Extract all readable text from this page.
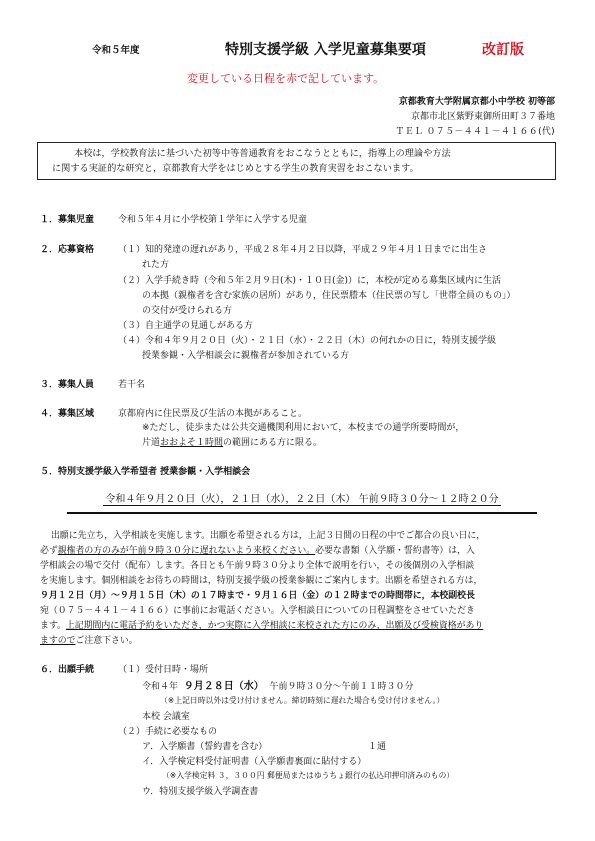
令和５年度	特別支援学級 入学児童募集要項	改訂版
変更している日程を赤で記しています。
京都教育大学附属京都小中学校 初等部
京都市北区紫野東御所田町３７番地
ＴＥＬ ０７５－４４１－４１６６(代)
本校は，学校教育法に基づいた初等中等普通教育をおこなうとともに，指導上の理論や方法
に関する実証的な研究と，京都教育大学をはじめとする学生の教育実習をおこないます。
１．募集児童	令和５年４月に小学校第１学年に入学する児童
２．応募資格	（１）知的発達の遅れがあり，平成２８年４月２日以降，平成２９年４月１日までに出生さ
れた方
（２）入学手続き時（令和５年２月９日(木)・１０日(金)）に，本校が定める募集区域内に生活
の本拠（親権者を含む家族の居所）があり，住民票謄本（住民票の写し「世帯全員のもの」）
の交付が受けられる方
（３）自主通学の見通しがある方
（４）令和４年９月２０日（火）・２１日（水）・２２日（木）の何れかの日に，特別支援学級
授業参観・入学相談会に親権者が参加されている方
３．募集人員	若干名
４．募集区域	京都府内に住民票及び生活の本拠があること。
※ただし，徒歩または公共交通機関利用において，本校までの通学所要時間が，
片道おおよそ１時間の範囲にある方に限る。
５．特別支援学級入学希望者 授業参観・入学相談会
令和４年９月２０日（火），２１日（水），２２日（木） 午前９時３０分～１２時２０分
出願に先立ち，入学相談を実施します。出願を希望される方は，上記３日間の日程の中でご都合の良い日に，
必ず親権者の方のみが午前９時３０分に遅れないよう来校ください。必要な書類（入学願・誓約書等）は，入
学相談会の場で交付（配布）します。各日とも午前９時３０分より全体で説明を行い，その後個別の入学相談
を実施します。個別相談をお待ちの時間は，特別支援学級の授業参観にご案内します。出願を希望される方は，
９月１２日（月）～９月１５日（木）の１７時まで・９月１６日（金）の１２時までの時間帯に，本校副校長
宛（０７５－４４１－４１６６）に事前にお電話ください。入学相談日についての日程調整をさせていただき
ます。上記期間内に電話予約をいただき，かつ実際に入学相談に来校された方にのみ，出願及び受検資格があり
ますのでご注意下さい。
６．出願手続	（１）受付日時・場所
令和４年 ９月２８日（水） 午前９時３０分～午前１１時３０分
（※上記日時以外は受け付けません。締切時刻に遅れた場合も受け付けません。）
本校 会議室
（２）手続に必要なもの
ア．入学願書（誓約書を含む）	１通
イ．入学検定料受付証明書（入学願書裏面に貼付する）
（※入学検定料 ３，３００円 郵便局またはゆうちょ銀行の払込印押印済みのもの）
ウ．特別支援学級入学調査書
